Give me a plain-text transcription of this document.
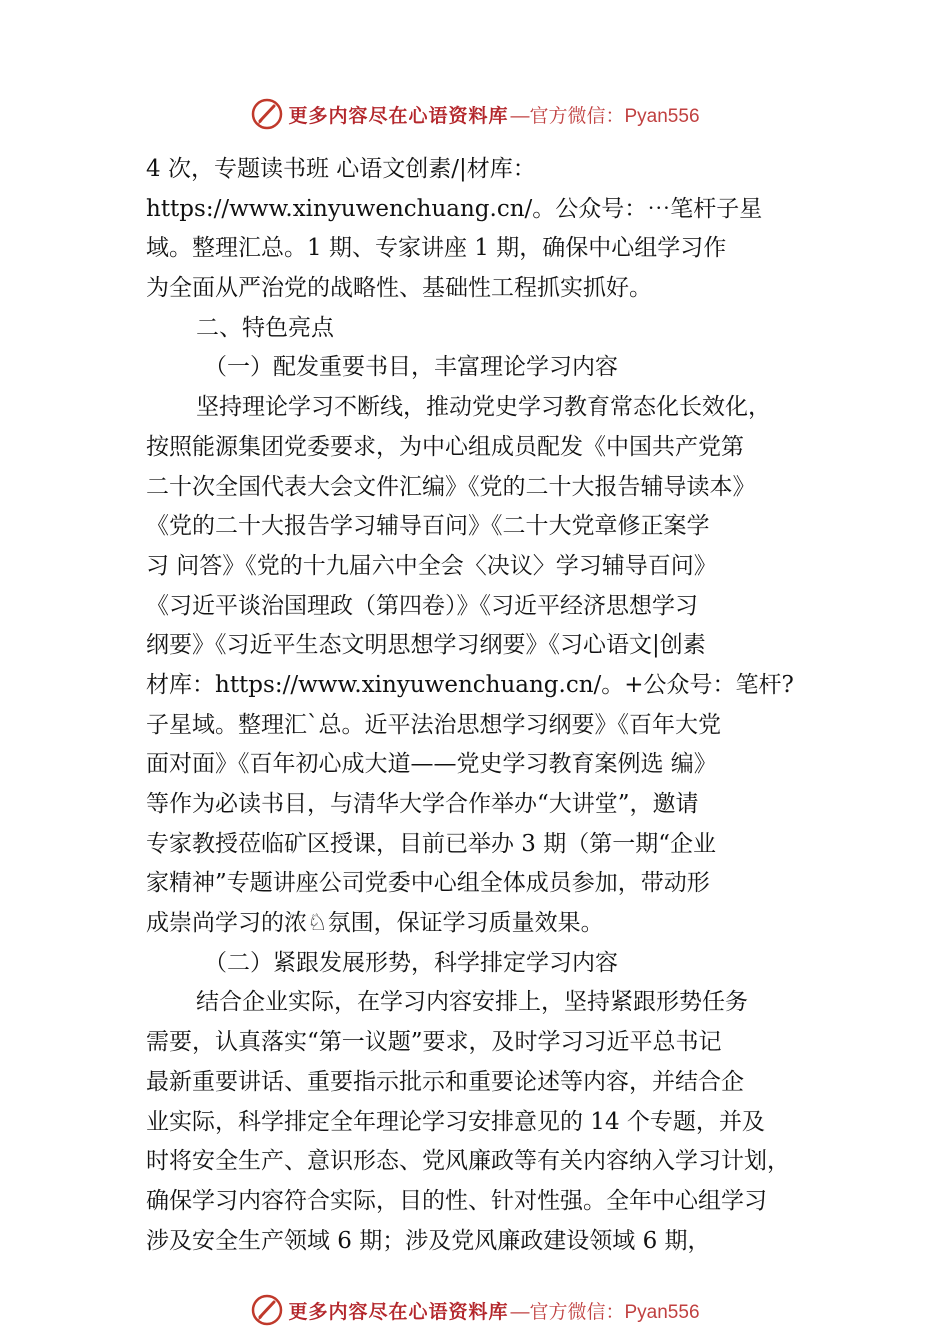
更多内容尽在心语资料库 —官方微信：Pyan556
4 次，专题读书班 心语文创素/|材库：
https://www.xinyuwenchuang.cn/。公众号：⋯笔杆子星
域。整理汇总。1 期、专家讲座 1 期，确保中心组学习作
为全面从严治党的战略性、基础性工程抓实抓好。
二、特色亮点
（一）配发重要书目，丰富理论学习内容
坚持理论学习不断线，推动党史学习教育常态化长效化，
按照能源集团党委要求，为中心组成员配发《中国共产党第
二十次全国代表大会文件汇编》《党的二十大报告辅导读本》
《党的二十大报告学习辅导百问》《二十大党章修正案学
习 问答》《党的十九届六中全会〈决议〉学习辅导百问》
《习近平谈治国理政（第四卷）》《习近平经济思想学习
纲要》《习近平生态文明思想学习纲要》《习心语文|创素
材库：https://www.xinyuwenchuang.cn/。+公众号：笔杆?
子星域。整理汇`总。近平法治思想学习纲要》《百年大党
面对面》《百年初心成大道——党史学习教育案例选 编》
等作为必读书目，与清华大学合作举办“大讲堂”，邀请
专家教授莅临矿区授课，目前已举办 3 期（第一期“企业
家精神”专题讲座公司党委中心组全体成员参加，带动形
成崇尚学习的浓♘氛围，保证学习质量效果。
（二）紧跟发展形势，科学排定学习内容
结合企业实际，在学习内容安排上，坚持紧跟形势任务
需要，认真落实“第一议题”要求，及时学习习近平总书记
最新重要讲话、重要指示批示和重要论述等内容，并结合企
业实际，科学排定全年理论学习安排意见的 14 个专题，并及
时将安全生产、意识形态、党风廉政等有关内容纳入学习计划，
确保学习内容符合实际，目的性、针对性强。全年中心组学习
涉及安全生产领域 6 期；涉及党风廉政建设领域 6 期，
更多内容尽在心语资料库 —官方微信：Pyan556
